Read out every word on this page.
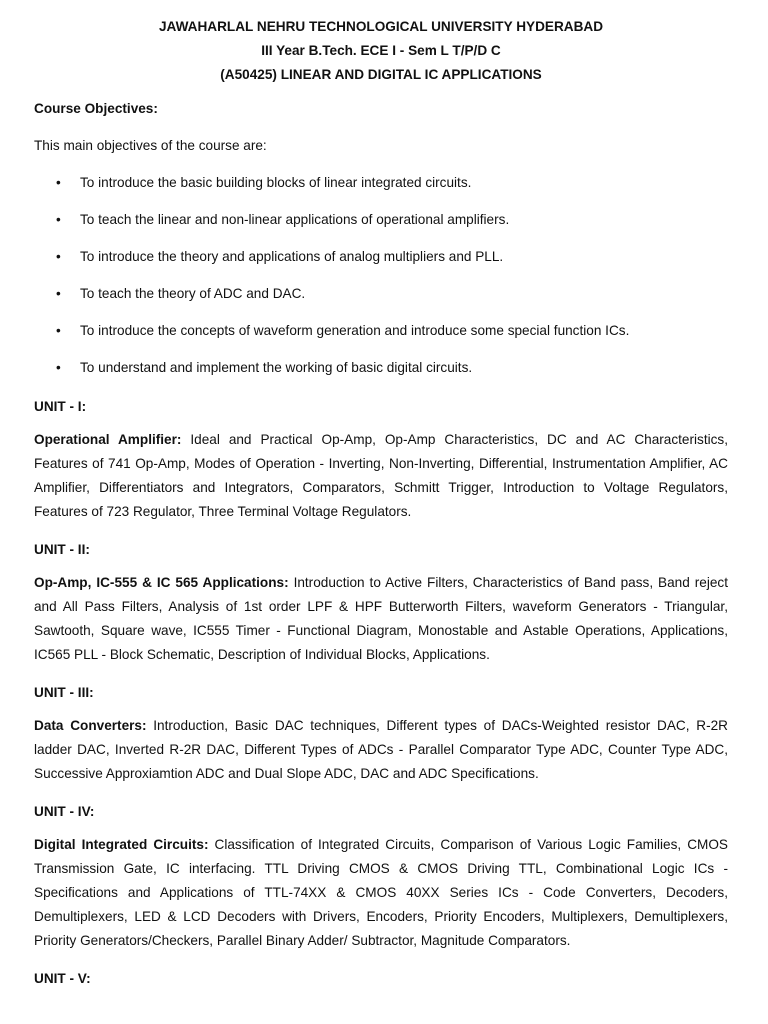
JAWAHARLAL NEHRU TECHNOLOGICAL UNIVERSITY HYDERABAD
III Year B.Tech. ECE I - Sem L T/P/D C
(A50425) LINEAR AND DIGITAL IC APPLICATIONS
Course Objectives:
This main objectives of the course are:
• To introduce the basic building blocks of linear integrated circuits.
• To teach the linear and non-linear applications of operational amplifiers.
• To introduce the theory and applications of analog multipliers and PLL.
• To teach the theory of ADC and DAC.
• To introduce the concepts of waveform generation and introduce some special function ICs.
• To understand and implement the working of basic digital circuits.
UNIT - I:
Operational Amplifier: Ideal and Practical Op-Amp, Op-Amp Characteristics, DC and AC Characteristics, Features of 741 Op-Amp, Modes of Operation - Inverting, Non-Inverting, Differential, Instrumentation Amplifier, AC Amplifier, Differentiators and Integrators, Comparators, Schmitt Trigger, Introduction to Voltage Regulators, Features of 723 Regulator, Three Terminal Voltage Regulators.
UNIT - II:
Op-Amp, IC-555 & IC 565 Applications: Introduction to Active Filters, Characteristics of Band pass, Band reject and All Pass Filters, Analysis of 1st order LPF & HPF Butterworth Filters, waveform Generators - Triangular, Sawtooth, Square wave, IC555 Timer - Functional Diagram, Monostable and Astable Operations, Applications, IC565 PLL - Block Schematic, Description of Individual Blocks, Applications.
UNIT - III:
Data Converters: Introduction, Basic DAC techniques, Different types of DACs-Weighted resistor DAC, R-2R ladder DAC, Inverted R-2R DAC, Different Types of ADCs - Parallel Comparator Type ADC, Counter Type ADC, Successive Approxiamtion ADC and Dual Slope ADC, DAC and ADC Specifications.
UNIT - IV:
Digital Integrated Circuits: Classification of Integrated Circuits, Comparison of Various Logic Families, CMOS Transmission Gate, IC interfacing. TTL Driving CMOS & CMOS Driving TTL, Combinational Logic ICs - Specifications and Applications of TTL-74XX & CMOS 40XX Series ICs - Code Converters, Decoders, Demultiplexers, LED & LCD Decoders with Drivers, Encoders, Priority Encoders, Multiplexers, Demultiplexers, Priority Generators/Checkers, Parallel Binary Adder/ Subtractor, Magnitude Comparators.
UNIT - V:
